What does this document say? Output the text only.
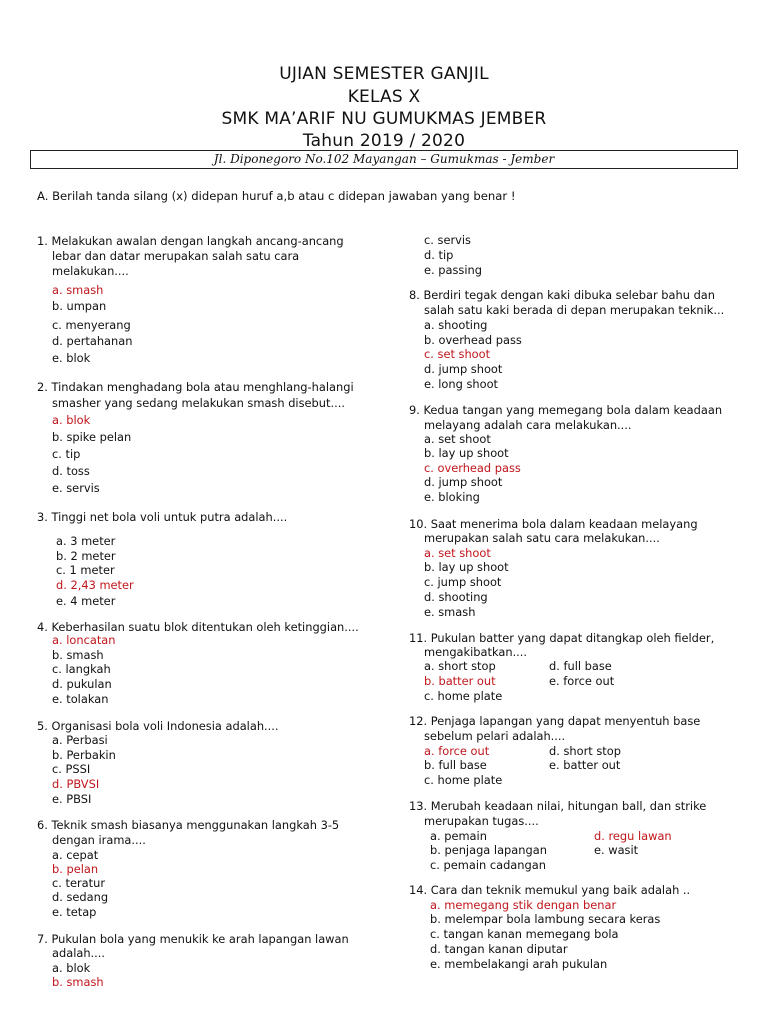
UJIAN SEMESTER GANJIL
KELAS X
SMK MA’ARIF NU GUMUKMAS JEMBER
Tahun 2019 / 2020
Jl. Diponegoro No.102 Mayangan – Gumukmas - Jember
A. Berilah tanda silang (x) didepan huruf a,b atau c didepan jawaban yang benar !
1. Melakukan awalan dengan langkah ancang-ancang
lebar dan datar merupakan salah satu cara
melakukan....
a. smash
b. umpan
c. menyerang
d. pertahanan
e. blok
2. Tindakan menghadang bola atau menghlang-halangi
smasher yang sedang melakukan smash disebut....
a. blok
b. spike pelan
c. tip
d. toss
e. servis
3. Tinggi net bola voli untuk putra adalah....
a. 3 meter
b. 2 meter
c. 1 meter
d. 2,43 meter
e. 4 meter
4. Keberhasilan suatu blok ditentukan oleh ketinggian....
a. loncatan
b. smash
c. langkah
d. pukulan
e. tolakan
5. Organisasi bola voli Indonesia adalah....
a. Perbasi
b. Perbakin
c. PSSI
d. PBVSI
e. PBSI
6. Teknik smash biasanya menggunakan langkah 3-5
dengan irama....
a. cepat
b. pelan
c. teratur
d. sedang
e. tetap
7. Pukulan bola yang menukik ke arah lapangan lawan
adalah....
a. blok
b. smash
c. servis
d. tip
e. passing
8. Berdiri tegak dengan kaki dibuka selebar bahu dan
salah satu kaki berada di depan merupakan teknik...
a. shooting
b. overhead pass
c. set shoot
d. jump shoot
e. long shoot
9. Kedua tangan yang memegang bola dalam keadaan
melayang adalah cara melakukan....
a. set shoot
b. lay up shoot
c. overhead pass
d. jump shoot
e. bloking
10. Saat menerima bola dalam keadaan melayang
merupakan salah satu cara melakukan....
a. set shoot
b. lay up shoot
c. jump shoot
d. shooting
e. smash
11. Pukulan batter yang dapat ditangkap oleh fielder,
mengakibatkan....
a. short stop	d. full base
b. batter out	e. force out
c. home plate
12. Penjaga lapangan yang dapat menyentuh base
sebelum pelari adalah....
a. force out	d. short stop
b. full base	e. batter out
c. home plate
13. Merubah keadaan nilai, hitungan ball, dan strike
merupakan tugas....
a. pemain	d. regu lawan
b. penjaga lapangan	e. wasit
c. pemain cadangan
14. Cara dan teknik memukul yang baik adalah ..
a. memegang stik dengan benar
b. melempar bola lambung secara keras
c. tangan kanan memegang bola
d. tangan kanan diputar
e. membelakangi arah pukulan
